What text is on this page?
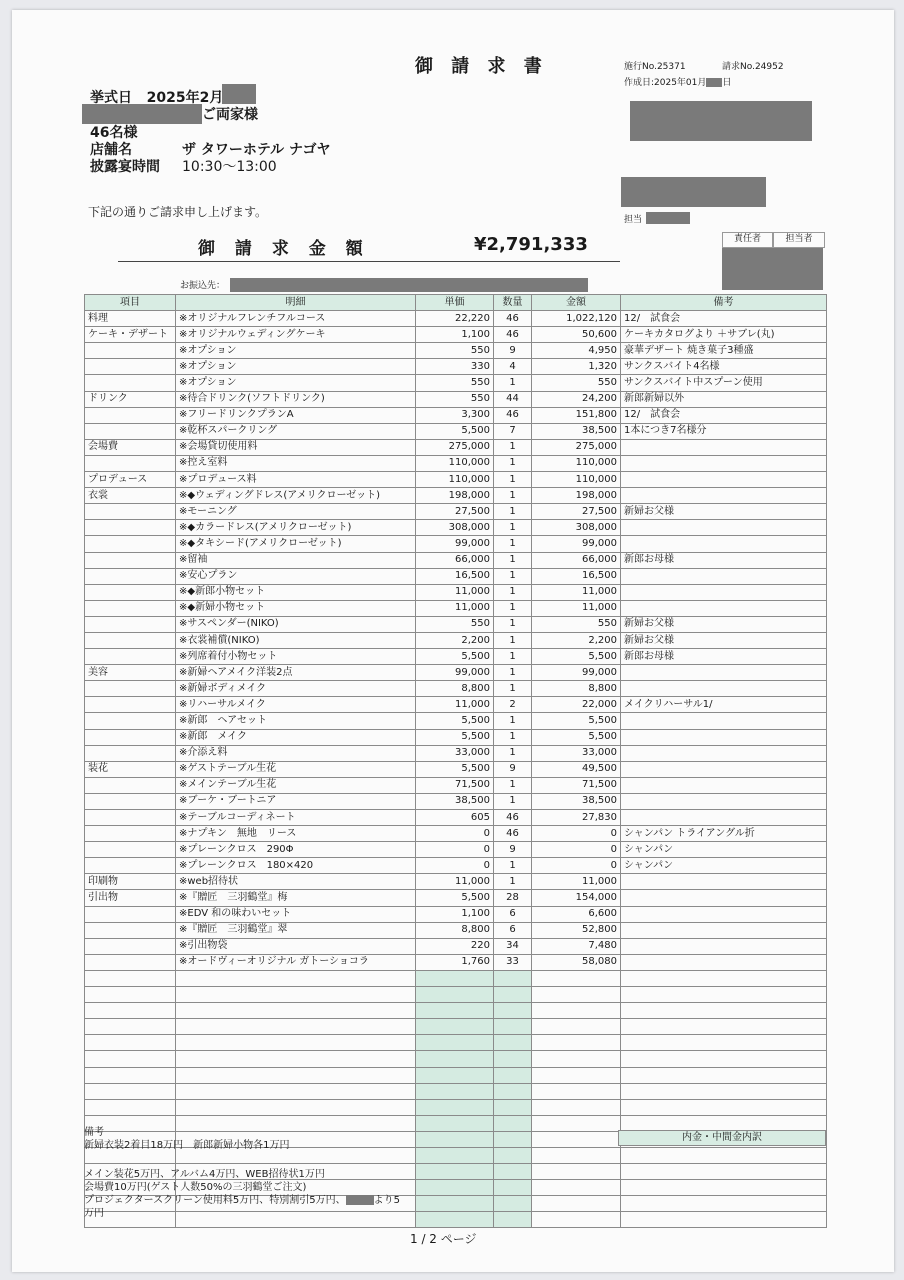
御 請 求 書	施行No.25371	請求No.24952
作成日:2025年01月 日
挙式日 2025年2月
ご両家様
46名様
店舗名	ザ タワーホテル ナゴヤ
披露宴時間 10:30～13:00
担当
下記の通りご請求申し上げます。
御 請 求 金 額	¥2,791,333	責任者	担当者
お振込先：
項目	明細	単価	数量	金額	備考
料理	※オリジナルフレンチフルコース	22,220	46	1,022,120	12/　試食会
ケーキ・デザート	※オリジナルウェディングケーキ	1,100	46	50,600	ケーキカタログより ＋サブレ(丸)
	※オプション	550	9	4,950	豪華デザート 焼き菓子3種盛
	※オプション	330	4	1,320	サンクスバイト4名様
	※オプション	550	1	550	サンクスバイト中スプーン使用
ドリンク	※待合ドリンク(ソフトドリンク)	550	44	24,200	新郎新婦以外
	※フリードリンクプランA	3,300	46	151,800	12/　試食会
	※乾杯スパークリング	5,500	7	38,500	1本につき7名様分
会場費	※会場貸切使用料	275,000	1	275,000	
	※控え室料	110,000	1	110,000	
プロデュース	※プロデュース料	110,000	1	110,000	
衣裳	※◆ウェディングドレス(アメリクローゼット)	198,000	1	198,000	
	※モーニング	27,500	1	27,500	新婦お父様
	※◆カラードレス(アメリクローゼット)	308,000	1	308,000	
	※◆タキシード(アメリクローゼット)	99,000	1	99,000	
	※留袖	66,000	1	66,000	新郎お母様
	※安心プラン	16,500	1	16,500	
	※◆新郎小物セット	11,000	1	11,000	
	※◆新婦小物セット	11,000	1	11,000	
	※サスペンダー(NIKO)	550	1	550	新婦お父様
	※衣裳補償(NIKO)	2,200	1	2,200	新婦お父様
	※列席着付小物セット	5,500	1	5,500	新郎お母様
美容	※新婦ヘアメイク洋装2点	99,000	1	99,000	
	※新婦ボディメイク	8,800	1	8,800	
	※リハーサルメイク	11,000	2	22,000	メイクリハーサル1/
	※新郎　ヘアセット	5,500	1	5,500	
	※新郎　メイク	5,500	1	5,500	
	※介添え料	33,000	1	33,000	
装花	※ゲストテーブル生花	5,500	9	49,500	
	※メインテーブル生花	71,500	1	71,500	
	※ブーケ・ブートニア	38,500	1	38,500	
	※テーブルコーディネート	605	46	27,830	
	※ナプキン　無地　リース	0	46	0	シャンパン トライアングル折
	※プレーンクロス　290Φ	0	9	0	シャンパン
	※プレーンクロス　180×420	0	1	0	シャンパン
印刷物	※web招待状	11,000	1	11,000	
引出物	※『贈匠　三羽鶴堂』梅	5,500	28	154,000	
	※EDV 和の味わいセット	1,100	6	6,600	
	※『贈匠　三羽鶴堂』翠	8,800	6	52,800	
	※引出物袋	220	34	7,480	
	※オードヴィーオリジナル ガトーショコラ	1,760	33	58,080	

備考
新婦衣装2着目18万円　新郎新婦小物各1万円
メイン装花5万円、アルバム4万円、WEB招待状1万円
会場費10万円(ゲスト人数50%の三羽鶴堂ご注文)
プロジェクタースクリーン使用料5万円、特別割引5万円、	より5
万円
内金・中間金内訳
1 / 2 ページ
